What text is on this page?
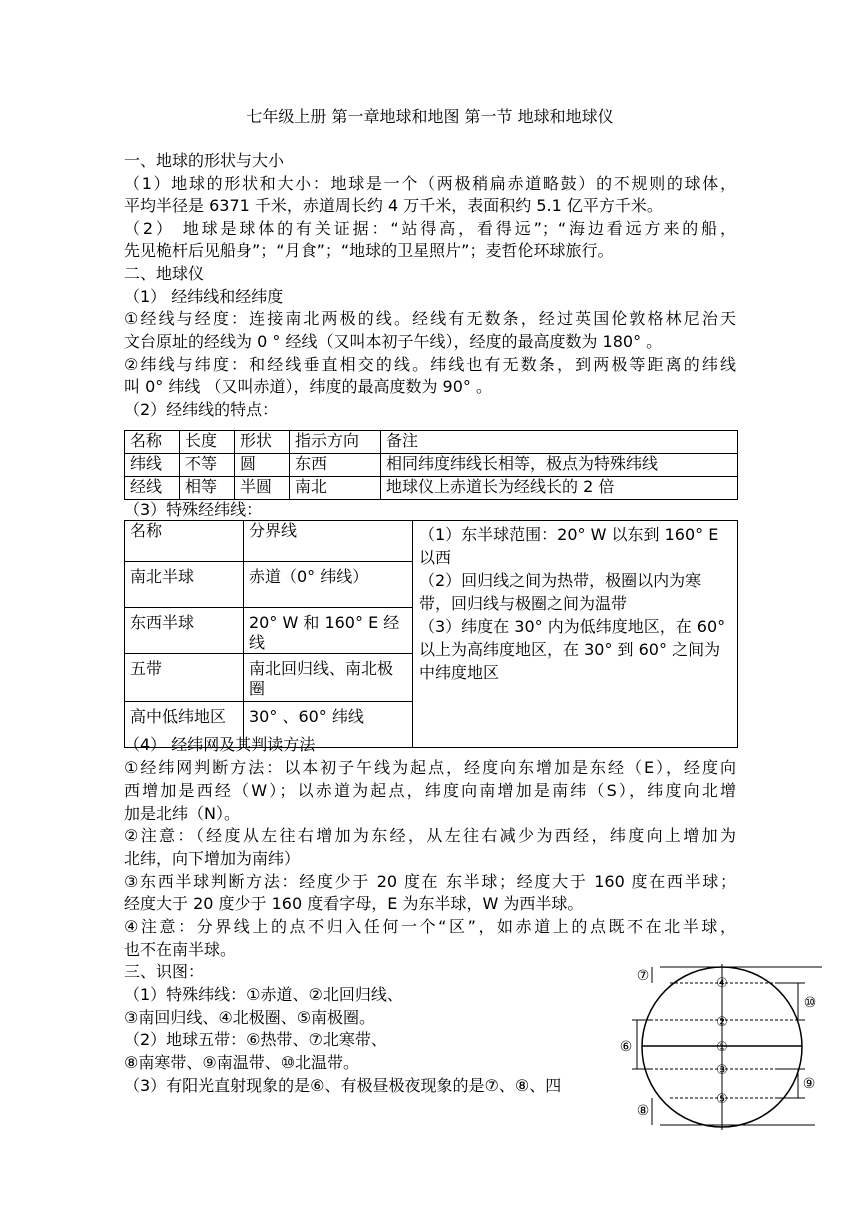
七年级上册 第一章地球和地图 第一节 地球和地球仪
一、地球的形状与大小
（1）地球的形状和大小：地球是一个（两极稍扁赤道略鼓）的不规则的球体，
平均半径是 6371 千米，赤道周长约 4 万千米，表面积约 5.1 亿平方千米。
（2） 地球是球体的有关证据：“站得高，看得远”；“海边看远方来的船，
先见桅杆后见船身”；“月食”；“地球的卫星照片”；麦哲伦环球旅行。
二、地球仪
（1） 经纬线和经纬度
①经线与经度：连接南北两极的线。经线有无数条，经过英国伦敦格林尼治天
文台原址的经线为 0 ° 经线（又叫本初子午线），经度的最高度数为 180° 。
②纬线与纬度：和经线垂直相交的线。纬线也有无数条，到两极等距离的纬线
叫 0° 纬线 （又叫赤道），纬度的最高度数为 90° 。
（2）经纬线的特点：
名称	长度	形状	指示方向	备注
纬线	不等	圆	东西	相同纬度纬线长相等，极点为特殊纬线
经线	相等	半圆	南北	地球仪上赤道长为经线长的 2 倍
（3）特殊经纬线：
名称	分界线	（1）东半球范围：20° W 以东到 160° E 以西
（2）回归线之间为热带，极圈以内为寒带，回归线与极圈之间为温带
（3）纬度在 30° 内为低纬度地区，在 60° 以上为高纬度地区，在 30° 到 60° 之间为中纬度地区

南北半球	赤道（0° 纬线）	
东西半球	20° W 和 160° E 经线	
五带	南北回归线、南北极圈	
高中低纬地区	30° 、60° 纬线	
（4） 经纬网及其判读方法
①经纬网判断方法：以本初子午线为起点，经度向东增加是东经（E），经度向
西增加是西经（W）；以赤道为起点，纬度向南增加是南纬（S），纬度向北增
加是北纬（N）。
②注意：（经度从左往右增加为东经，从左往右减少为西经，纬度向上增加为
北纬，向下增加为南纬）
③东西半球判断方法：经度少于 20 度在 东半球；经度大于 160 度在西半球；
经度大于 20 度少于 160 度看字母，E 为东半球，W 为西半球。
④注意：分界线上的点不归入任何一个“区”，如赤道上的点既不在北半球，
也不在南半球。
三、识图：
（1）特殊纬线：①赤道、②北回归线、
③南回归线、④北极圈、⑤南极圈。
（2）地球五带：⑥热带、⑦北寒带、
⑧南寒带、⑨南温带、⑩北温带。
（3）有阳光直射现象的是⑥、有极昼极夜现象的是⑦、⑧、四
①
②
③
④
⑤
⑥
⑦
⑧
⑨
⑩
